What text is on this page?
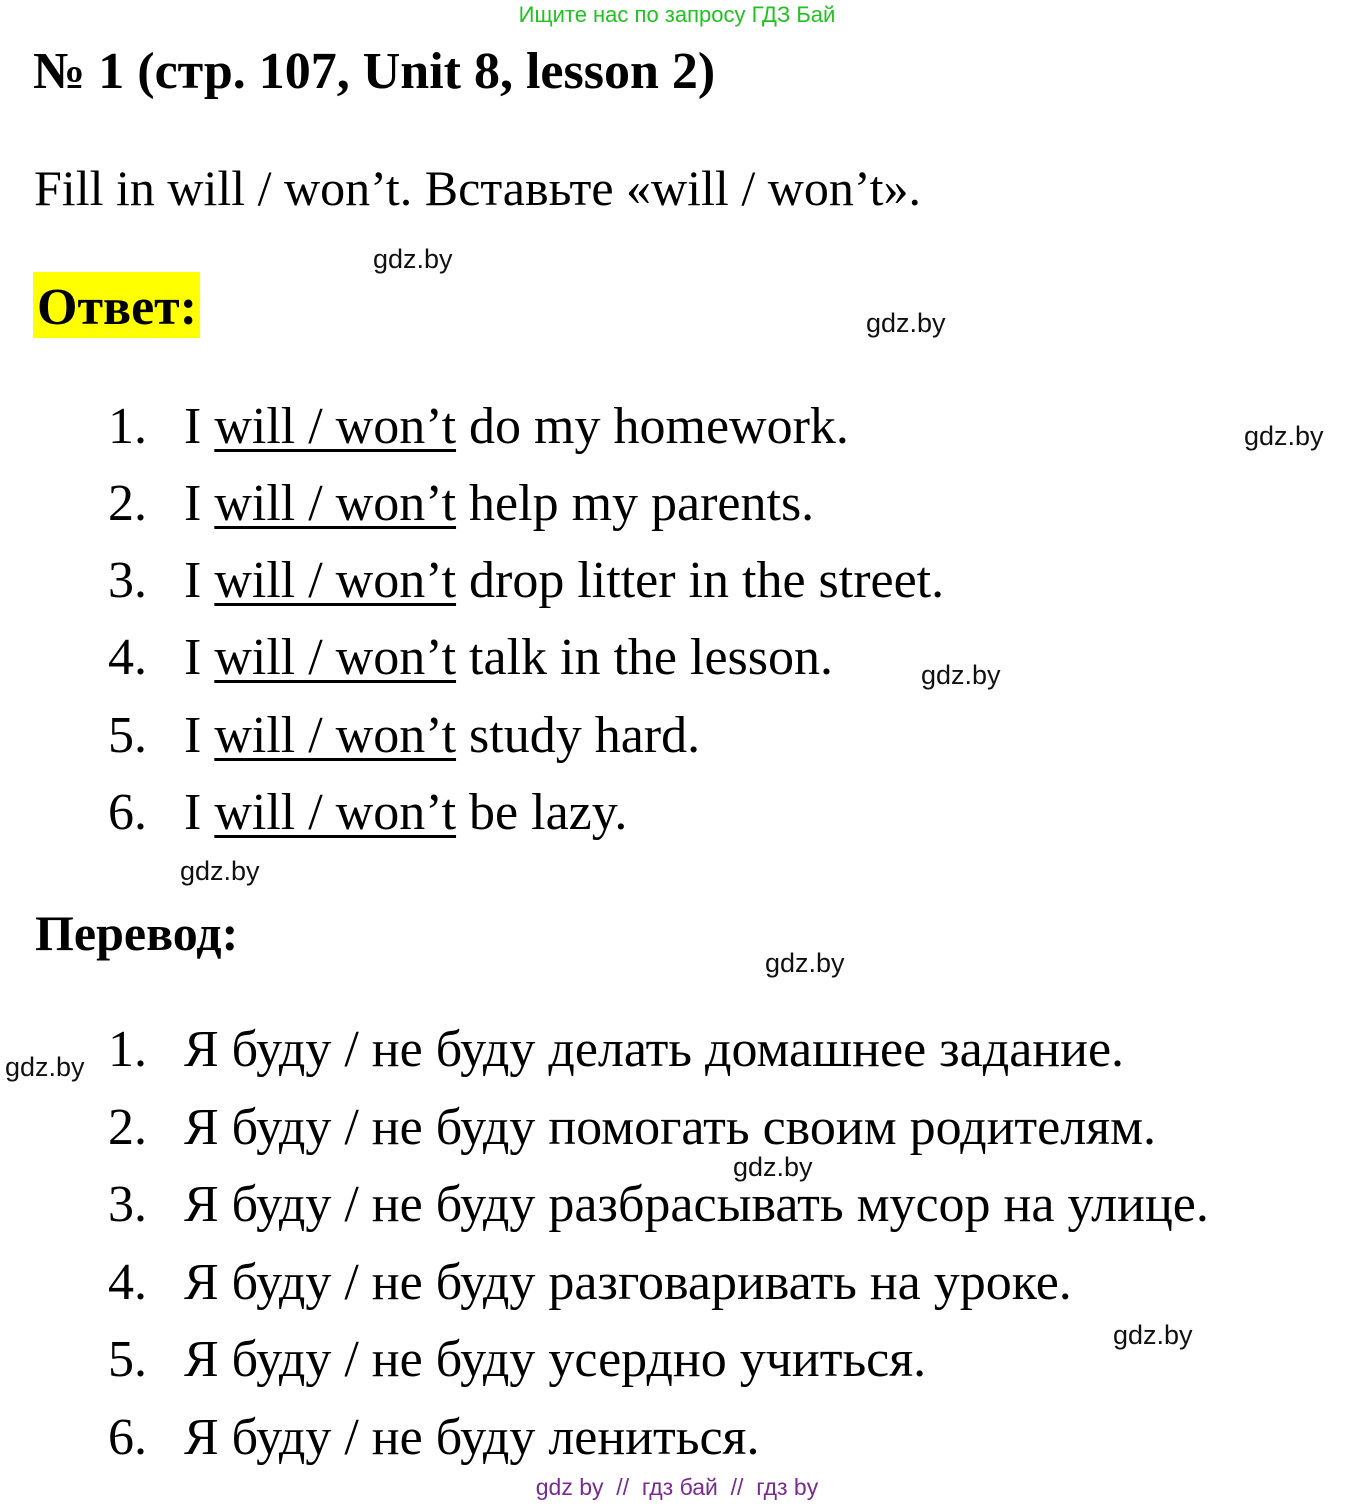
Ищите нас по запросу ГДЗ Бай
№ 1 (стр. 107, Unit 8, lesson 2)
Fill in will / won’t. Вставьте «will / won’t».
Ответ:
1. I will / won’t do my homework.
2. I will / won’t help my parents.
3. I will / won’t drop litter in the street.
4. I will / won’t talk in the lesson.
5. I will / won’t study hard.
6. I will / won’t be lazy.
Перевод:
1. Я буду / не буду делать домашнее задание.
2. Я буду / не буду помогать своим родителям.
3. Я буду / не буду разбрасывать мусор на улице.
4. Я буду / не буду разговаривать на уроке.
5. Я буду / не буду усердно учиться.
6. Я буду / не буду лениться.
gdz.by
gdz.by
gdz.by
gdz.by
gdz.by
gdz.by
gdz.by
gdz.by
gdz.by
gdz by  //  гдз бай  //  гдз by
